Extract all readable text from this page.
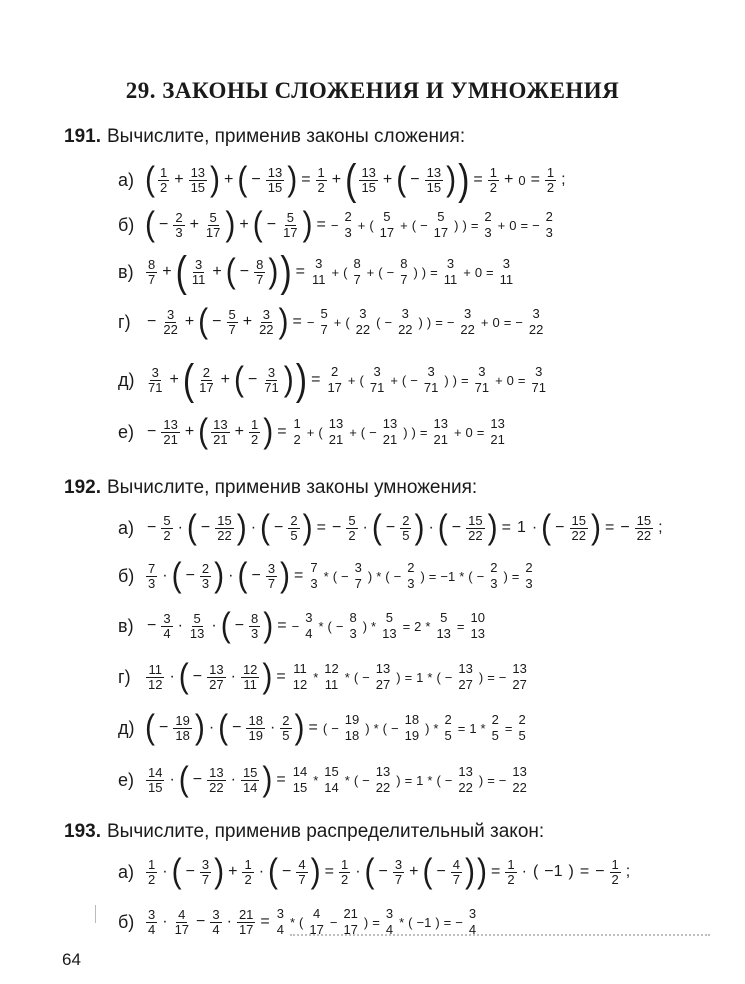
29. ЗАКОНЫ СЛОЖЕНИЯ И УМНОЖЕНИЯ
191. Вычислите, применив законы сложения:
а) ( $\frac{1}{2} + \frac{13}{15}$ ) + ( − $\frac{13}{15}$ ) = $\frac{1}{2}$ + ( $\frac{13}{15}$ + ( − $\frac{13}{15}$ ) ) = $\frac{1}{2} + 0 = \frac{1}{2}$ ;
б) ( − $\frac{2}{3} + \frac{5}{17}$ ) + ( − $\frac{5}{17}$ ) = −
2
3 + (
5
17 + ( −
5
17 ) ) =
2
3 + 0 = −
2
3
$в) \frac{8}{7}$ + ( $\frac{3}{11}$ + ( − $\frac{8}{7}$ ) ) = 3
11 + (
8
7 + ( −
8
7 ) ) =
3
11 + 0 =
3
11
г)	− $\frac{3}{22}$ + ( − $\frac{5}{7} + \frac{3}{22}$ ) = −
5
7 + (
3
22 ( −
3
22 ) ) = −
3
22 + 0 = −
3
22
$д) \frac{3}{71}$ + ( $\frac{2}{17}$ + ( − $\frac{3}{71}$ ) ) = 2
17 + (
3
71 + ( −
3
71 ) ) =
3
71 + 0 =
3
71
$е) - \frac{13}{21}$ + ( $\frac{13}{21} + \frac{1}{2}$ ) = 1
2 + (
13
21 + ( −
13
21 ) ) =
13
21 + 0 =
13
21
192. Вычислите, применив законы умножения:
$а) - \frac{5}{2}$ · ( − $\frac{15}{22}$ ) · ( − $\frac{2}{5}$ ) = − $\frac{5}{2}$ · ( − $\frac{2}{5}$ ) · ( − $\frac{15}{22}$ ) = 1 · ( − $\frac{15}{22}$ ) = − $\frac{15}{22}$ ;
$б) \frac{7}{3}$ · ( − $\frac{2}{3}$ ) · ( − $\frac{3}{7}$ ) = 7
3 * ( −
3
7 ) * ( −
2
3 ) = −1 * ( −
2
3 ) =
2
3
$в) - \frac{3}{4} \cdot \frac{5}{13}$ · ( − $\frac{8}{3}$ ) = −
3
4 * ( −
8
3 ) *
5
13 = 2 *
5
13 =
10
13
г)	$\frac{11}{12}$ · ( − $\frac{13}{27} \cdot \frac{12}{11}$ ) = 11
12 *
12
11 * ( −
13
27 ) = 1 * ( −
13
27 ) = −
13
27
д) ( − $\frac{19}{18}$ ) · ( − $\frac{18}{19} \cdot \frac{2}{5}$ ) = ( −
19
18 ) * ( −
18
19 ) *
2
5 = 1 *
2
5 =
2
5
$е) \frac{14}{15}$ · ( − $\frac{13}{22} \cdot \frac{15}{14}$ ) = 14
15 *
15
14 * ( −
13
22 ) = 1 * ( −
13
22 ) = −
13
22
193. Вычислите, применив распределительный закон:
$а) \frac{1}{2}$ · ( − $\frac{3}{7}$ ) + $\frac{1}{2}$ · ( − $\frac{4}{7}$ ) = $\frac{1}{2}$ · ( − $\frac{3}{7}$ + ( − $\frac{4}{7}$ ) ) = $\frac{1}{2}$ · ( −1 ) = − $\frac{1}{2}$ ;
$б) \frac{3}{4} \cdot \frac{4}{17} - \frac{3}{4} \cdot \frac{21}{17} = 3$
4 * (
4
17 −
21
17 ) =
3
4 * ( −1 ) = −
3
4
64
